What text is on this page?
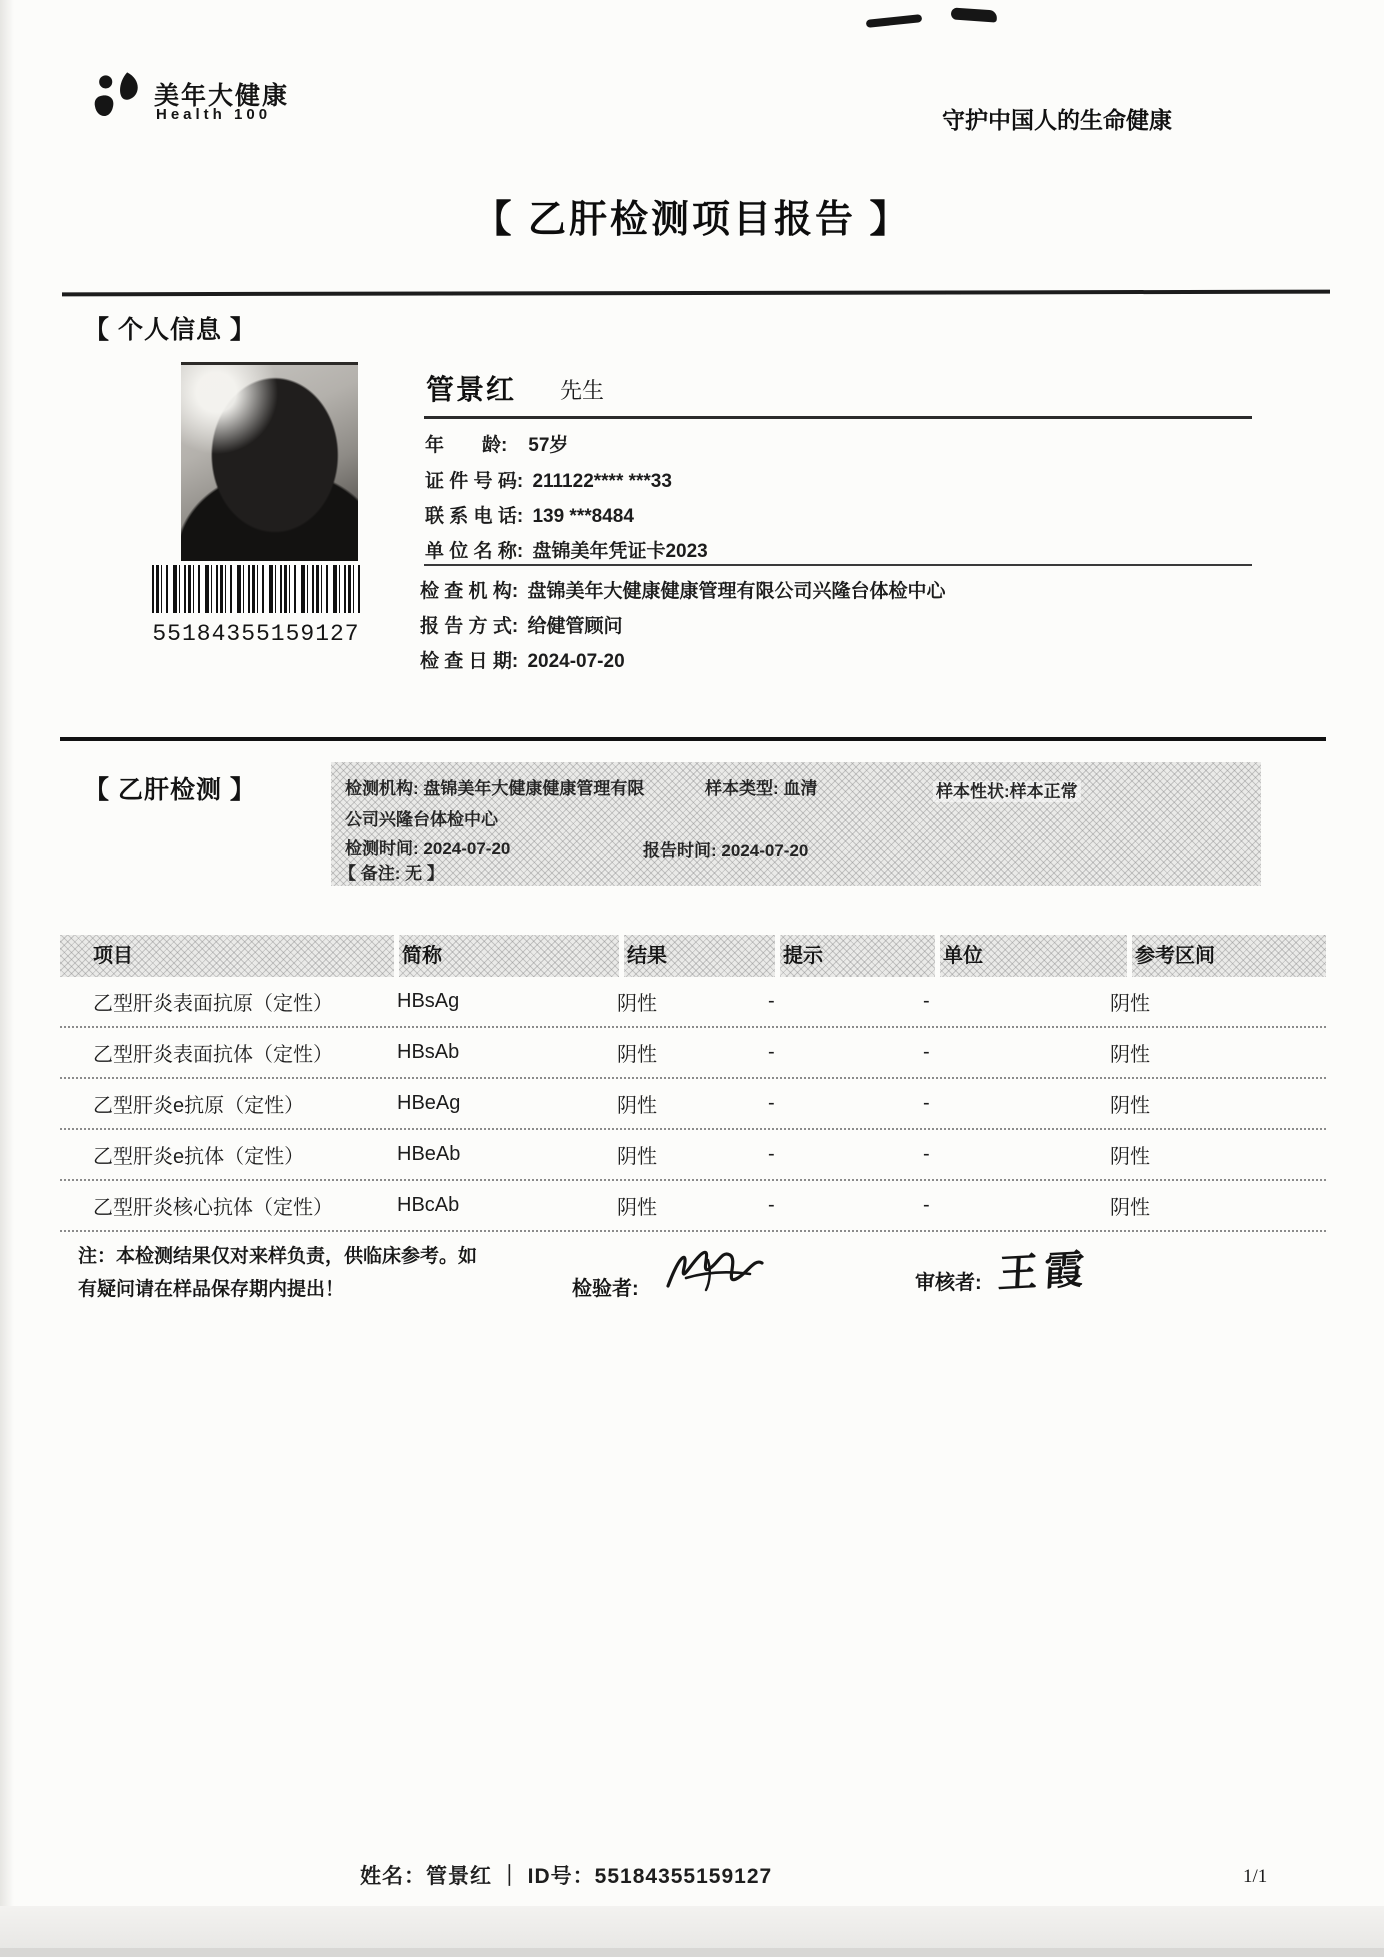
美年大健康
Health 100	守护中国人的生命健康
【 乙肝检测项目报告 】
【 个人信息 】
55184355159127
管景红 先生
年　　龄: 57岁
证 件 号 码: 211122**** ***33
联 系 电 话: 139 ***8484
单 位 名 称: 盘锦美年凭证卡2023
检 查 机 构: 盘锦美年大健康健康管理有限公司兴隆台体检中心
报 告 方 式: 给健管顾问
检 查 日 期: 2024-07-20
【 乙肝检测 】	检测机构: 盘锦美年大健康健康管理有限	样本类型: 血清	样本性状:样本正常
公司兴隆台体检中心
检测时间: 2024-07-20	报告时间: 2024-07-20
【 备注: 无 】
项目	简称	结果	提示	单位	参考区间
乙型肝炎表面抗原（定性）	HBsAg	阴性	-	-	阴性
乙型肝炎表面抗体（定性）	HBsAb	阴性	-	-	阴性
乙型肝炎e抗原（定性）	HBeAg	阴性	-	-	阴性
乙型肝炎e抗体（定性）	HBeAb	阴性	-	-	阴性
乙型肝炎核心抗体（定性）	HBcAb	阴性	-	-	阴性
注：本检测结果仅对来样负责，供临床参考。如
有疑问请在样品保存期内提出！	检验者:	审核者: 王霞
姓名：管景红 ｜ ID号：55184355159127	1/1
